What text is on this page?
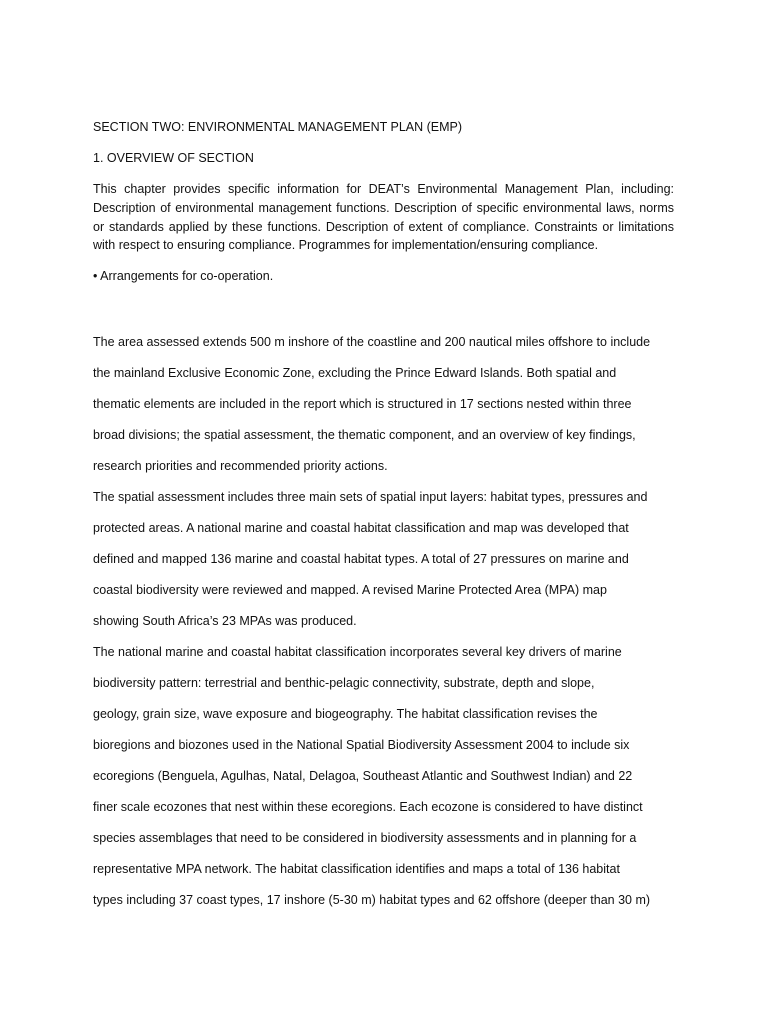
SECTION TWO: ENVIRONMENTAL MANAGEMENT PLAN (EMP)

1. OVERVIEW OF SECTION

This chapter provides specific information for DEAT’s Environmental Management Plan, including: Description of environmental management functions. Description of specific environmental laws, norms or standards applied by these functions. Description of extent of compliance. Constraints or limitations with respect to ensuring compliance. Programmes for implementation/ensuring compliance.

• Arrangements for co-operation.

The area assessed extends 500 m inshore of the coastline and 200 nautical miles offshore to include
the mainland Exclusive Economic Zone, excluding the Prince Edward Islands. Both spatial and
thematic elements are included in the report which is structured in 17 sections nested within three
broad divisions; the spatial assessment, the thematic component, and an overview of key findings,
research priorities and recommended priority actions.

The spatial assessment includes three main sets of spatial input layers: habitat types, pressures and
protected areas. A national marine and coastal habitat classification and map was developed that
defined and mapped 136 marine and coastal habitat types. A total of 27 pressures on marine and
coastal biodiversity were reviewed and mapped. A revised Marine Protected Area (MPA) map
showing South Africa’s 23 MPAs was produced.

The national marine and coastal habitat classification incorporates several key drivers of marine
biodiversity pattern: terrestrial and benthic-pelagic connectivity, substrate, depth and slope,
geology, grain size, wave exposure and biogeography. The habitat classification revises the
bioregions and biozones used in the National Spatial Biodiversity Assessment 2004 to include six
ecoregions (Benguela, Agulhas, Natal, Delagoa, Southeast Atlantic and Southwest Indian) and 22
finer scale ecozones that nest within these ecoregions. Each ecozone is considered to have distinct
species assemblages that need to be considered in biodiversity assessments and in planning for a
representative MPA network. The habitat classification identifies and maps a total of 136 habitat
types including 37 coast types, 17 inshore (5-30 m) habitat types and 62 offshore (deeper than 30 m)
